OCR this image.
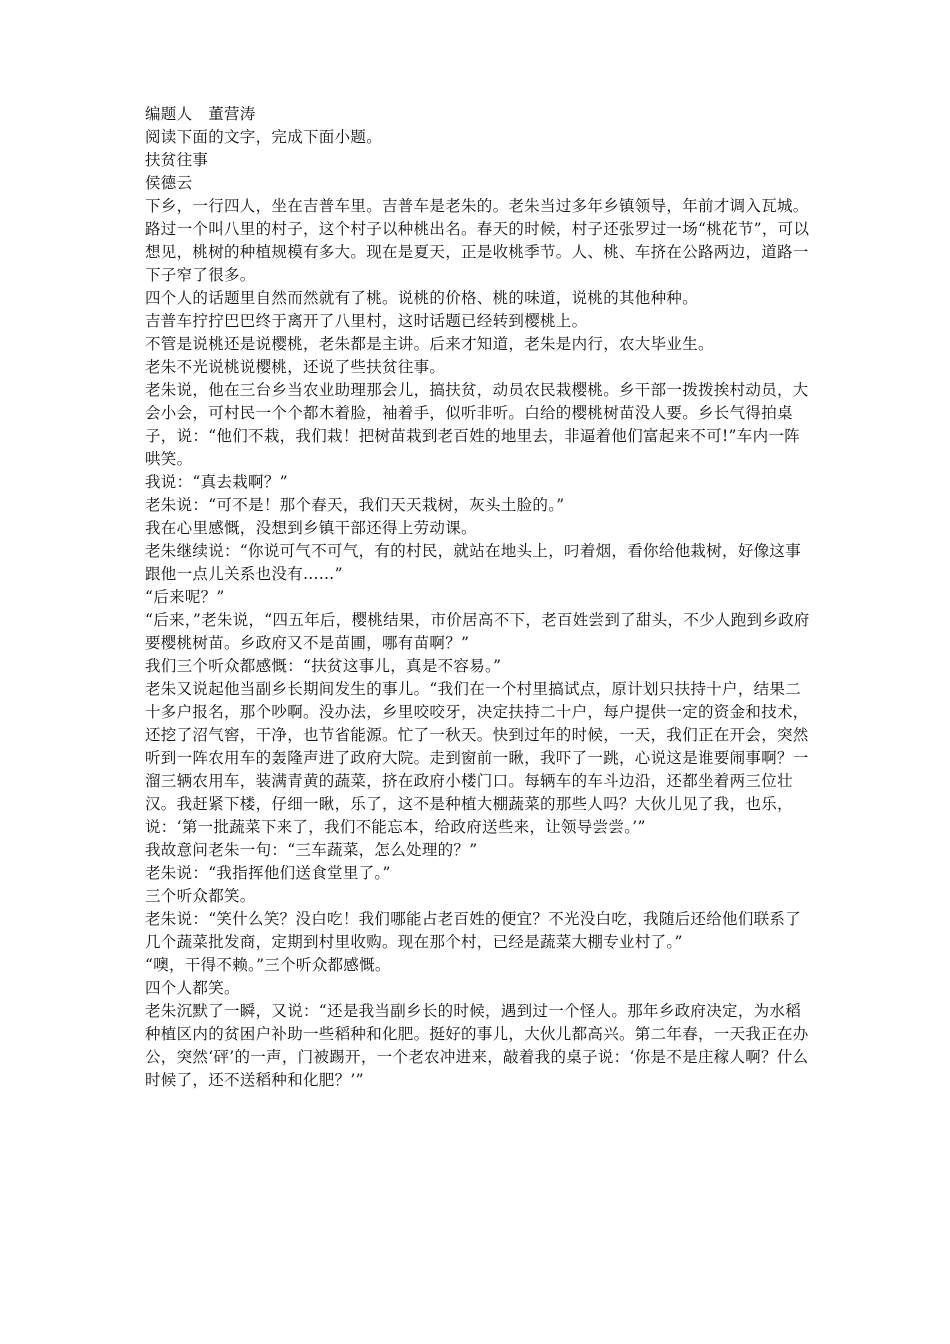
编题人　董营涛

阅读下面的文字，完成下面小题。

扶贫往事

侯德云

下乡，一行四人，坐在吉普车里。吉普车是老朱的。老朱当过多年乡镇领导，年前才调入瓦城。

路过一个叫八里的村子，这个村子以种桃出名。春天的时候，村子还张罗过一场“桃花节”，可以想见，桃树的种植规模有多大。现在是夏天，正是收桃季节。人、桃、车挤在公路两边，道路一下子窄了很多。

四个人的话题里自然而然就有了桃。说桃的价格、桃的味道，说桃的其他种种。

吉普车拧拧巴巴终于离开了八里村，这时话题已经转到樱桃上。

不管是说桃还是说樱桃，老朱都是主讲。后来才知道，老朱是内行，农大毕业生。

老朱不光说桃说樱桃，还说了些扶贫往事。

老朱说，他在三台乡当农业助理那会儿，搞扶贫，动员农民栽樱桃。乡干部一拨拨挨村动员，大会小会，可村民一个个都木着脸，袖着手，似听非听。白给的樱桃树苗没人要。乡长气得拍桌子，说：“他们不栽，我们栽！把树苗栽到老百姓的地里去，非逼着他们富起来不可!”车内一阵哄笑。

我说：“真去栽啊？”

老朱说：“可不是！那个春天，我们天天栽树，灰头土脸的。”

我在心里感慨，没想到乡镇干部还得上劳动课。

老朱继续说：“你说可气不可气，有的村民，就站在地头上，叼着烟，看你给他栽树，好像这事跟他一点儿关系也没有……”

“后来呢？”

“后来，”老朱说，“四五年后，樱桃结果，市价居高不下，老百姓尝到了甜头，不少人跑到乡政府要樱桃树苗。乡政府又不是苗圃，哪有苗啊？”

我们三个听众都感慨：“扶贫这事儿，真是不容易。”

老朱又说起他当副乡长期间发生的事儿。“我们在一个村里搞试点，原计划只扶持十户，结果二十多户报名，那个吵啊。没办法，乡里咬咬牙，决定扶持二十户，每户提供一定的资金和技术，还挖了沼气窖，干净，也节省能源。忙了一秋天。快到过年的时候，一天，我们正在开会，突然听到一阵农用车的轰隆声进了政府大院。走到窗前一瞅，我吓了一跳，心说这是谁要闹事啊？一溜三辆农用车，装满青黄的蔬菜，挤在政府小楼门口。每辆车的车斗边沿，还都坐着两三位壮汉。我赶紧下楼，仔细一瞅，乐了，这不是种植大棚蔬菜的那些人吗？大伙儿见了我，也乐，说：‘第一批蔬菜下来了，我们不能忘本，给政府送些来，让领导尝尝。’”

我故意问老朱一句：“三车蔬菜，怎么处理的？”

老朱说：“我指挥他们送食堂里了。”

三个听众都笑。

老朱说：“笑什么笑？没白吃！我们哪能占老百姓的便宜？不光没白吃，我随后还给他们联系了几个蔬菜批发商，定期到村里收购。现在那个村，已经是蔬菜大棚专业村了。”

“噢，干得不赖。”三个听众都感慨。

四个人都笑。

老朱沉默了一瞬，又说：“还是我当副乡长的时候，遇到过一个怪人。那年乡政府决定，为水稻种植区内的贫困户补助一些稻种和化肥。挺好的事儿，大伙儿都高兴。第二年春，一天我正在办公，突然‘砰’的一声，门被踢开，一个老农冲进来，敲着我的桌子说：‘你是不是庄稼人啊？什么时候了，还不送稻种和化肥？’”
